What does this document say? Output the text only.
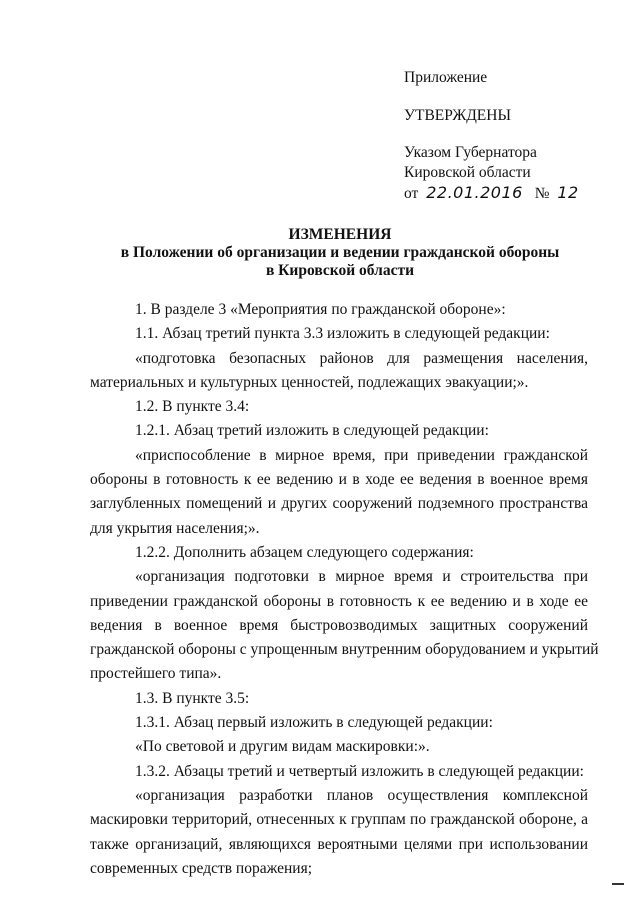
Приложение
УТВЕРЖДЕНЫ
Указом Губернатора
Кировской области
от 22.01.2016 № 12
ИЗМЕНЕНИЯ
в Положении об организации и ведении гражданской обороны
в Кировской области
1. В разделе 3 «Мероприятия по гражданской обороне»:
1.1. Абзац третий пункта 3.3 изложить в следующей редакции:
«подготовка безопасных районов для размещения населения,
материальных и культурных ценностей, подлежащих эвакуации;».
1.2. В пункте 3.4:
1.2.1. Абзац третий изложить в следующей редакции:
«приспособление в мирное время, при приведении гражданской
обороны в готовность к ее ведению и в ходе ее ведения в военное время
заглубленных помещений и других сооружений подземного пространства
для укрытия населения;».
1.2.2. Дополнить абзацем следующего содержания:
«организация подготовки в мирное время и строительства при
приведении гражданской обороны в готовность к ее ведению и в ходе ее
ведения в военное время быстровозводимых защитных сооружений
гражданской обороны с упрощенным внутренним оборудованием и укрытий
простейшего типа».
1.3. В пункте 3.5:
1.3.1. Абзац первый изложить в следующей редакции:
«По световой и другим видам маскировки:».
1.3.2. Абзацы третий и четвертый изложить в следующей редакции:
«организация разработки планов осуществления комплексной
маскировки территорий, отнесенных к группам по гражданской обороне, а
также организаций, являющихся вероятными целями при использовании
современных средств поражения;
